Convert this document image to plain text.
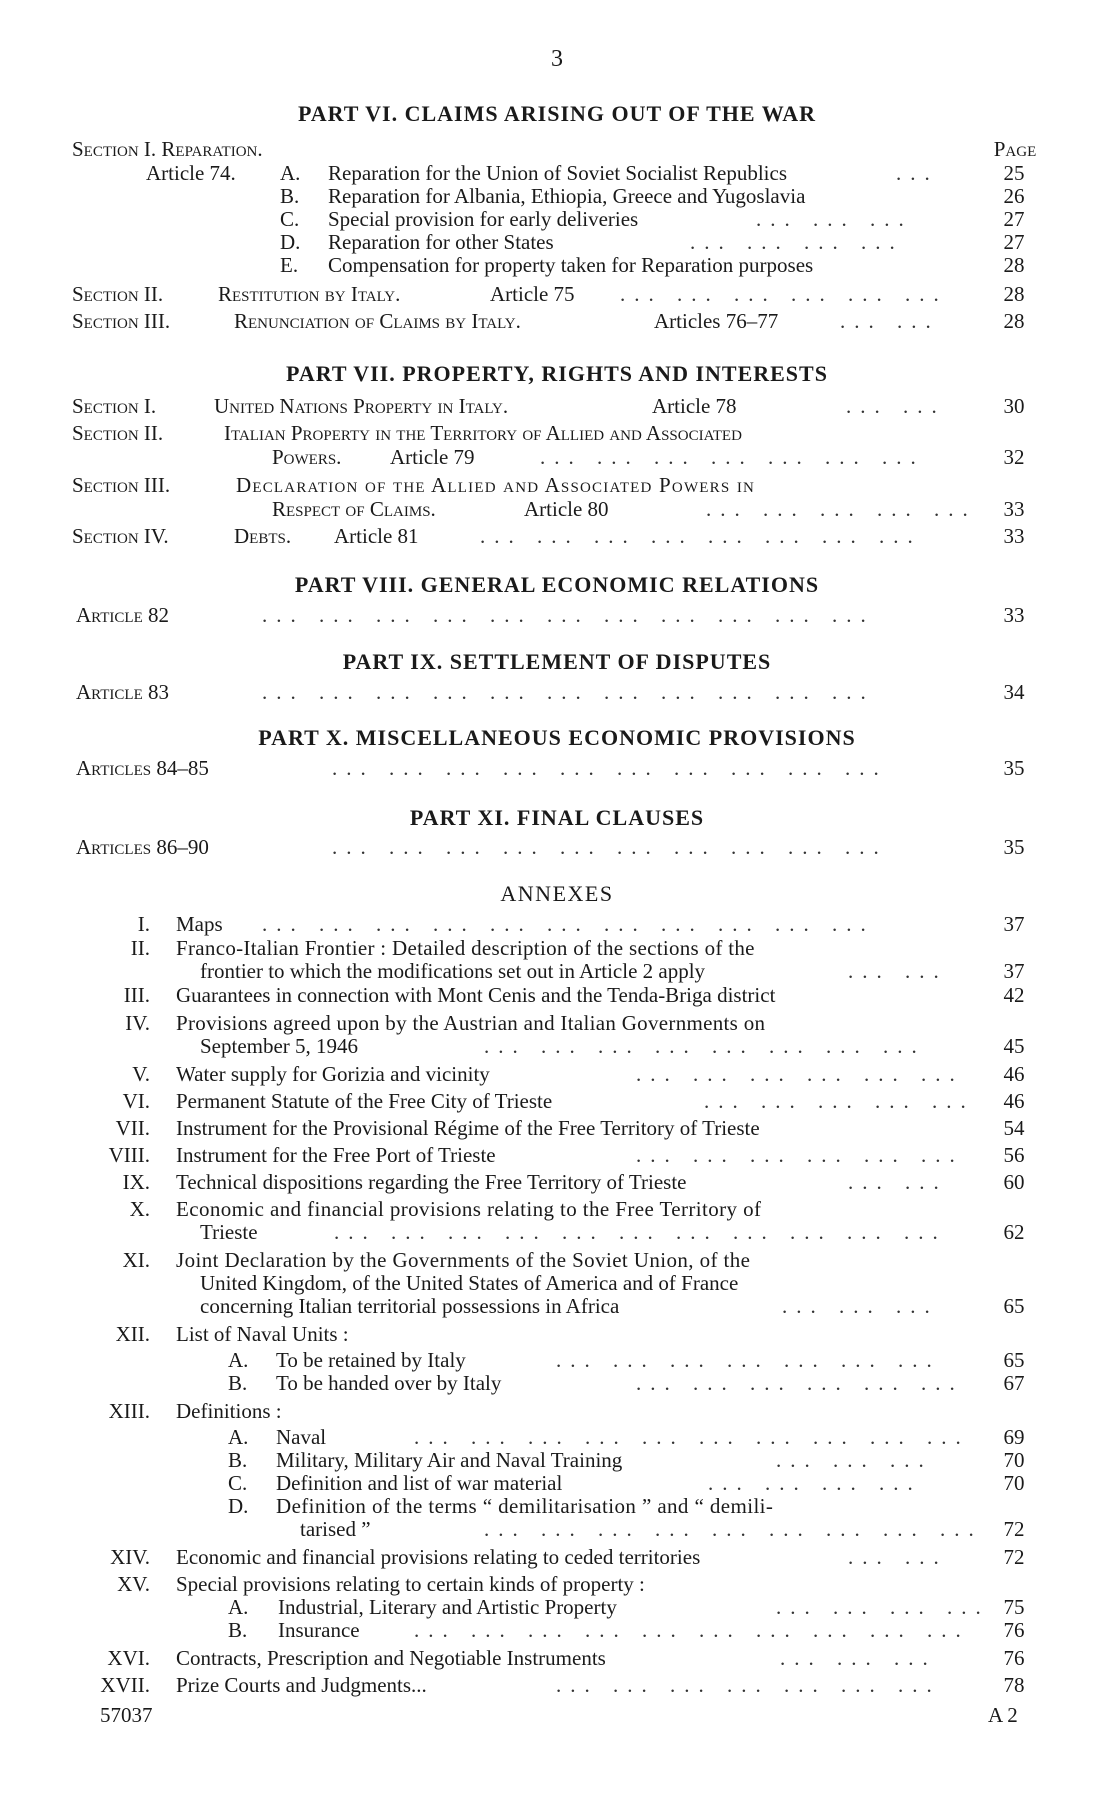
3
PART VI. CLAIMS ARISING OUT OF THE WAR
Section I. Reparation.	Page
Article 74. A. Reparation for the Union of Soviet Socialist Republics	...	25
B. Reparation for Albania, Ethiopia, Greece and Yugoslavia	26
C. Special provision for early deliveries	... ... ...	27
D. Reparation for other States	... ... ... ...	27
E. Compensation for property taken for Reparation purposes	28
Section II.	Restitution by Italy.	Article 75 ... ... ... ... ... ...	28
Section III.	Renunciation of Claims by Italy.	Articles 76–77	... ...	28
PART VII. PROPERTY, RIGHTS AND INTERESTS
Section I.	United Nations Property in Italy.	Article 78	... ...	30
Section II.	Italian Property in the Territory of Allied and Associated
Powers. Article 79	... ... ... ... ... ... ...	32
Section III.	Declaration of the Allied and Associated Powers in
Respect of Claims.	Article 80	... ... ... ... ...	33
Section IV.	Debts. Article 81	... ... ... ... ... ... ... ...	33
PART VIII. GENERAL ECONOMIC RELATIONS
Article 82	... ... ... ... ... ... ... ... ... ... ...	33
PART IX. SETTLEMENT OF DISPUTES
Article 83	... ... ... ... ... ... ... ... ... ... ...	34
PART X. MISCELLANEOUS ECONOMIC PROVISIONS
Articles 84–85	... ... ... ... ... ... ... ... ... ...	35
PART XI. FINAL CLAUSES
Articles 86–90	... ... ... ... ... ... ... ... ... ...	35
ANNEXES
I. Maps ... ... ... ... ... ... ... ... ... ... ...	37
II. Franco-Italian Frontier : Detailed description of the sections of the
frontier to which the modifications set out in Article 2 apply	... ...	37
III. Guarantees in connection with Mont Cenis and the Tenda-Briga district	42
IV. Provisions agreed upon by the Austrian and Italian Governments on
September 5, 1946	... ... ... ... ... ... ... ...	45
V. Water supply for Gorizia and vicinity	... ... ... ... ... ...	46
VI. Permanent Statute of the Free City of Trieste	... ... ... ... ...	46
VII. Instrument for the Provisional Régime of the Free Territory of Trieste	54
VIII. Instrument for the Free Port of Trieste	... ... ... ... ... ...	56
IX. Technical dispositions regarding the Free Territory of Trieste	... ...	60
X. Economic and financial provisions relating to the Free Territory of
Trieste	... ... ... ... ... ... ... ... ... ... ...	62
XI. Joint Declaration by the Governments of the Soviet Union, of the
United Kingdom, of the United States of America and of France
concerning Italian territorial possessions in Africa	... ... ...	65
XII. List of Naval Units :
A. To be retained by Italy	... ... ... ... ... ... ...	65
B. To be handed over by Italy	... ... ... ... ... ...	67
XIII. Definitions :
A. Naval	... ... ... ... ... ... ... ... ... ...	69
B. Military, Military Air and Naval Training	... ... ...	70
C. Definition and list of war material	... ... ... ...	70
D. Definition of the terms “ demilitarisation ” and “ demili-
tarised ”	... ... ... ... ... ... ... ... ... 72
XIV. Economic and financial provisions relating to ceded territories	... ...	72
XV. Special provisions relating to certain kinds of property :
A. Industrial, Literary and Artistic Property	... ... ... ... 75
B. Insurance	... ... ... ... ... ... ... ... ... ...	76
XVI. Contracts, Prescription and Negotiable Instruments	... ... ...	76
XVII. Prize Courts and Judgments...	... ... ... ... ... ... ...	78
57037	A 2
